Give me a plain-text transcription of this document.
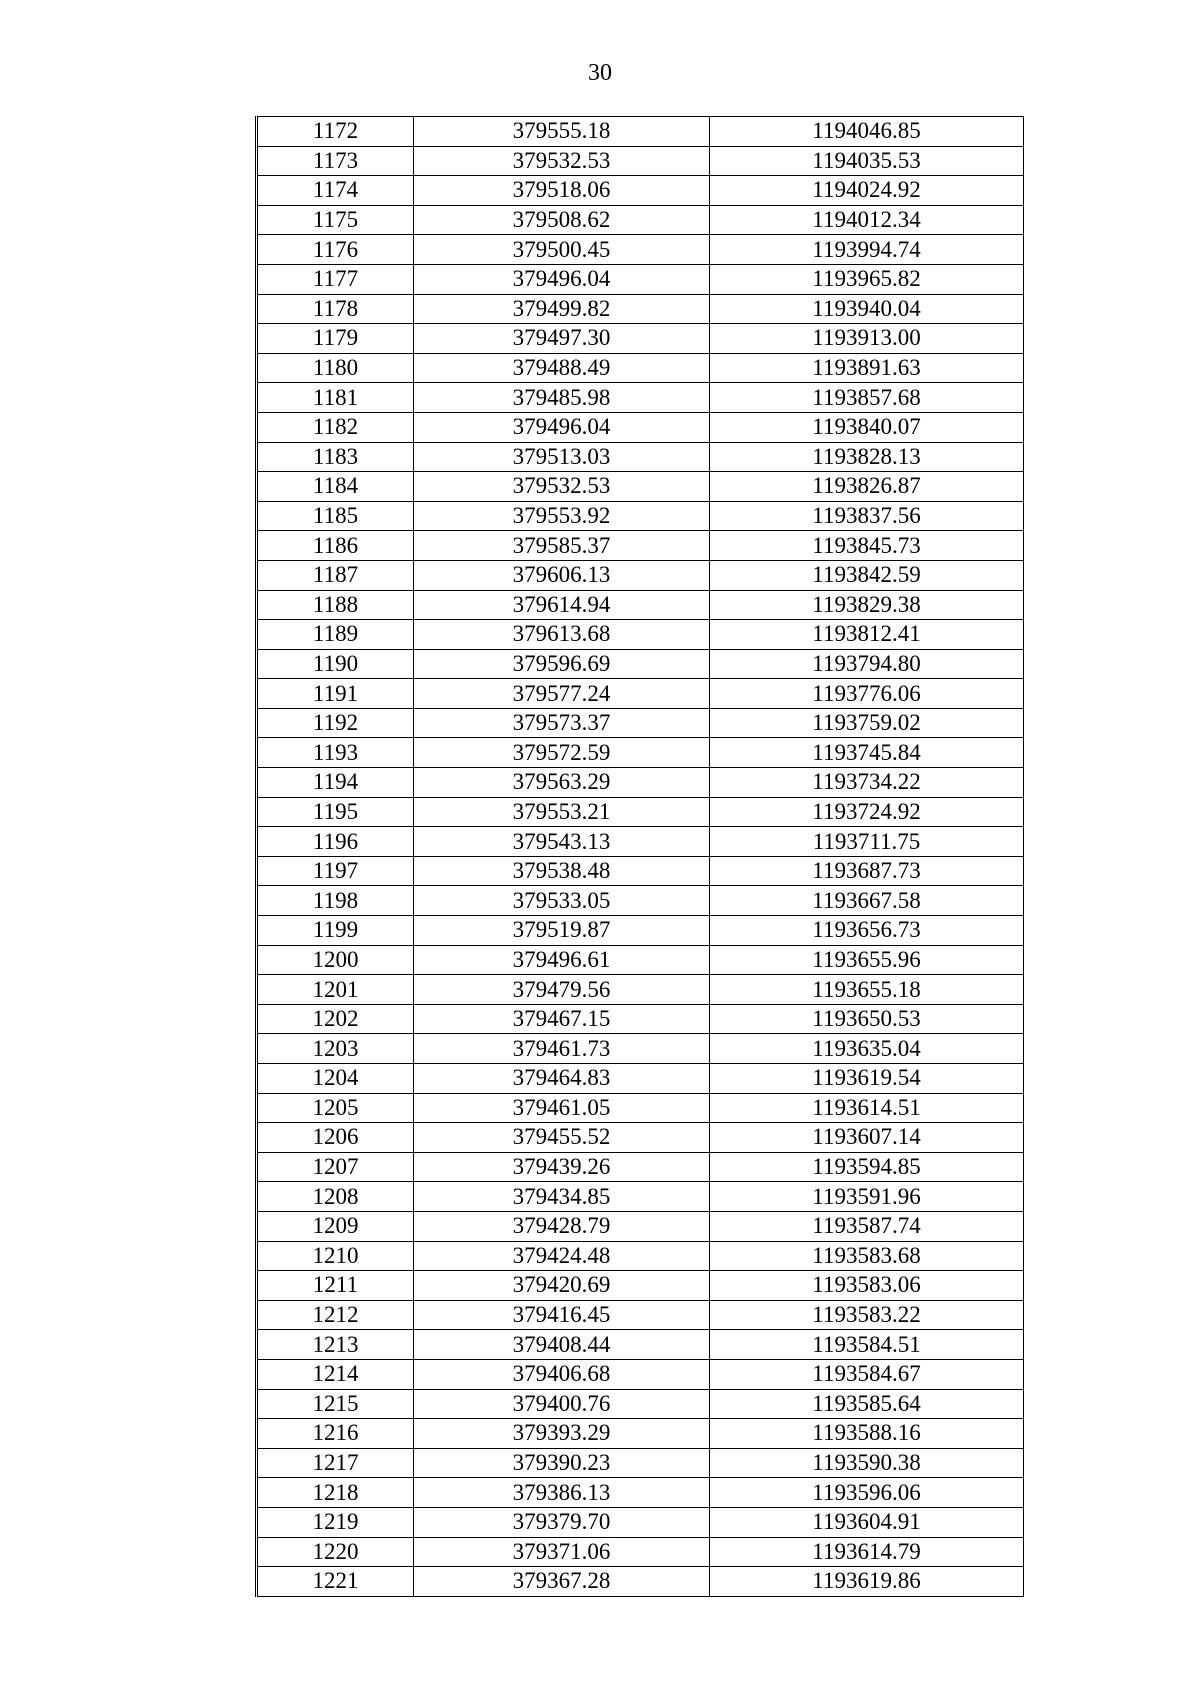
30
1172	379555.18	1194046.85
1173	379532.53	1194035.53
1174	379518.06	1194024.92
1175	379508.62	1194012.34
1176	379500.45	1193994.74
1177	379496.04	1193965.82
1178	379499.82	1193940.04
1179	379497.30	1193913.00
1180	379488.49	1193891.63
1181	379485.98	1193857.68
1182	379496.04	1193840.07
1183	379513.03	1193828.13
1184	379532.53	1193826.87
1185	379553.92	1193837.56
1186	379585.37	1193845.73
1187	379606.13	1193842.59
1188	379614.94	1193829.38
1189	379613.68	1193812.41
1190	379596.69	1193794.80
1191	379577.24	1193776.06
1192	379573.37	1193759.02
1193	379572.59	1193745.84
1194	379563.29	1193734.22
1195	379553.21	1193724.92
1196	379543.13	1193711.75
1197	379538.48	1193687.73
1198	379533.05	1193667.58
1199	379519.87	1193656.73
1200	379496.61	1193655.96
1201	379479.56	1193655.18
1202	379467.15	1193650.53
1203	379461.73	1193635.04
1204	379464.83	1193619.54
1205	379461.05	1193614.51
1206	379455.52	1193607.14
1207	379439.26	1193594.85
1208	379434.85	1193591.96
1209	379428.79	1193587.74
1210	379424.48	1193583.68
1211	379420.69	1193583.06
1212	379416.45	1193583.22
1213	379408.44	1193584.51
1214	379406.68	1193584.67
1215	379400.76	1193585.64
1216	379393.29	1193588.16
1217	379390.23	1193590.38
1218	379386.13	1193596.06
1219	379379.70	1193604.91
1220	379371.06	1193614.79
1221	379367.28	1193619.86
